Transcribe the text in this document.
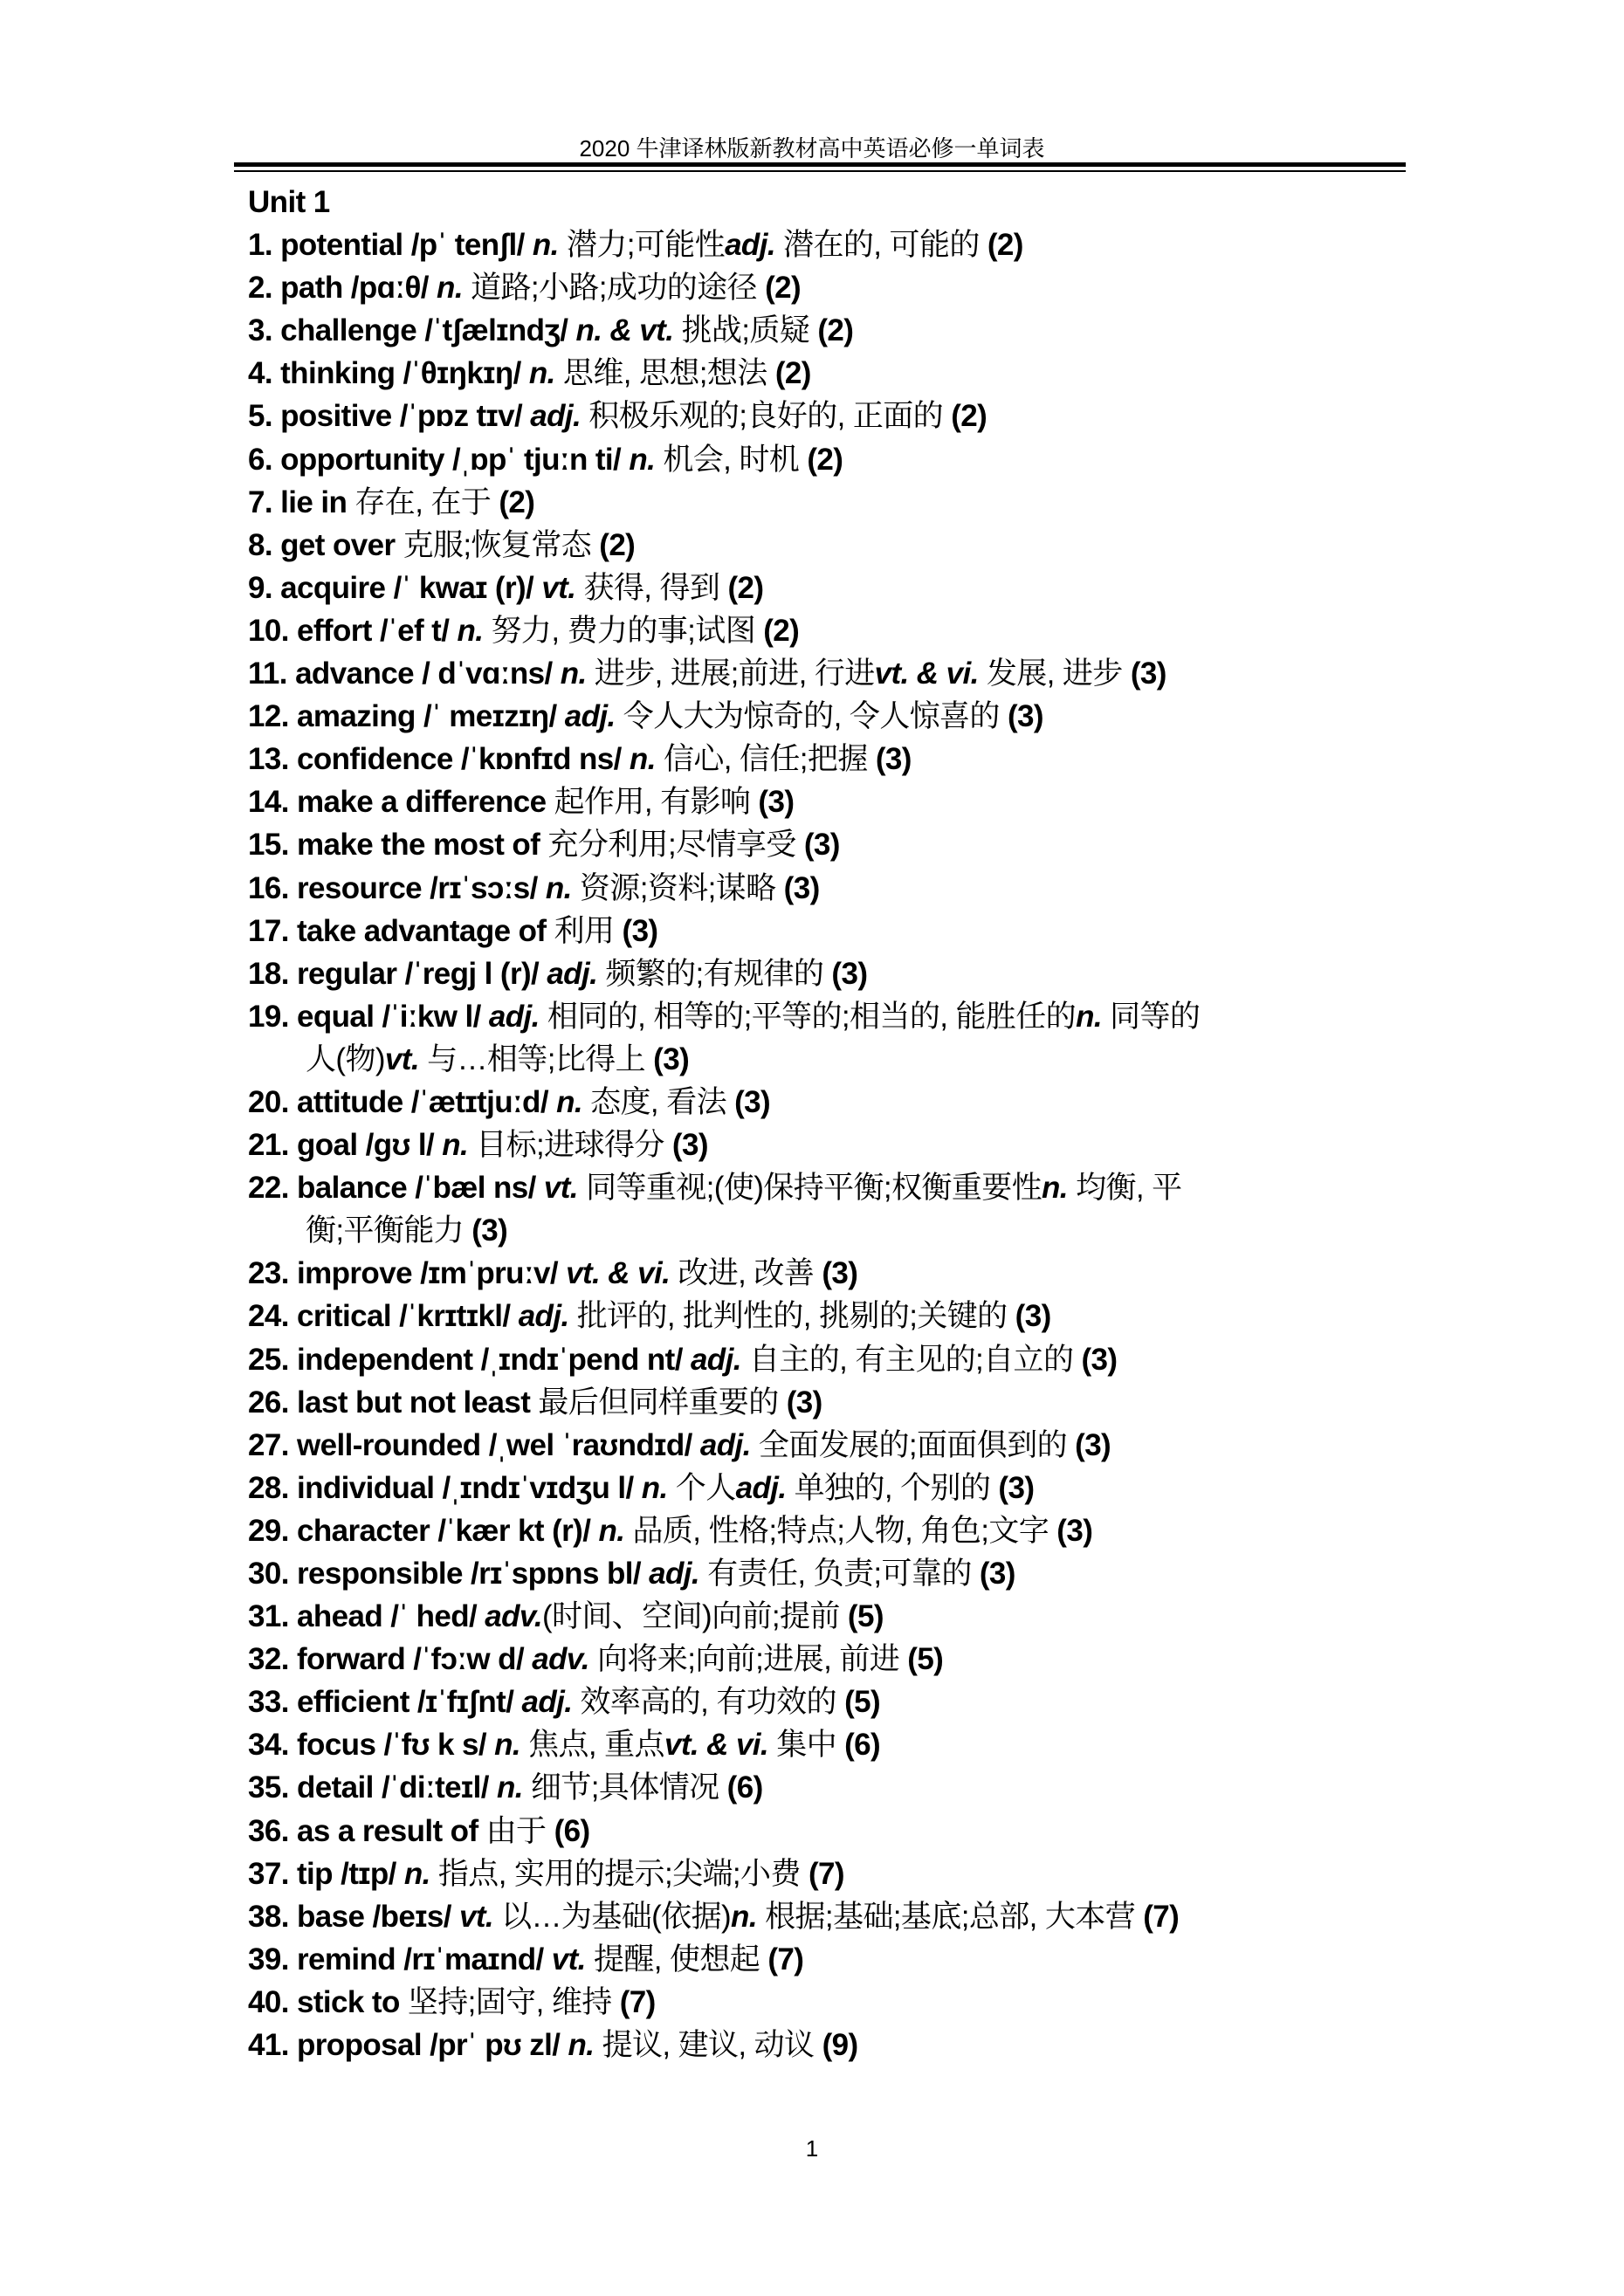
2020 牛津译林版新教材高中英语必修一单词表
Unit 1
1. potential /pˈ tenʃl/ n. 潜力;可能性adj. 潜在的, 可能的 (2)
2. path /pɑːθ/ n. 道路;小路;成功的途径 (2)
3. challenge /ˈtʃælɪndʒ/ n. & vt. 挑战;质疑 (2)
4. thinking /ˈθɪŋkɪŋ/ n. 思维, 思想;想法 (2)
5. positive /ˈpɒz tɪv/ adj. 积极乐观的;良好的, 正面的 (2)
6. opportunity /ˌɒpˈ tjuːn ti/ n. 机会, 时机 (2)
7. lie in 存在, 在于 (2)
8. get over 克服;恢复常态 (2)
9. acquire /ˈ kwaɪ (r)/ vt. 获得, 得到 (2)
10. effort /ˈef t/ n. 努力, 费力的事;试图 (2)
11. advance / dˈvɑːns/ n. 进步, 进展;前进, 行进vt. & vi. 发展, 进步 (3)
12. amazing /ˈ meɪzɪŋ/ adj. 令人大为惊奇的, 令人惊喜的 (3)
13. confidence /ˈkɒnfɪd ns/ n. 信心, 信任;把握 (3)
14. make a difference 起作用, 有影响 (3)
15. make the most of 充分利用;尽情享受 (3)
16. resource /rɪˈsɔːs/ n. 资源;资料;谋略 (3)
17. take advantage of 利用 (3)
18. regular /ˈregj l (r)/ adj. 频繁的;有规律的 (3)
19. equal /ˈiːkw l/ adj. 相同的, 相等的;平等的;相当的, 能胜任的n. 同等的
人(物)vt. 与…相等;比得上 (3)
20. attitude /ˈætɪtjuːd/ n. 态度, 看法 (3)
21. goal /gʊ l/ n. 目标;进球得分 (3)
22. balance /ˈbæl ns/ vt. 同等重视;(使)保持平衡;权衡重要性n. 均衡, 平
衡;平衡能力 (3)
23. improve /ɪmˈpruːv/ vt. & vi. 改进, 改善 (3)
24. critical /ˈkrɪtɪkl/ adj. 批评的, 批判性的, 挑剔的;关键的 (3)
25. independent /ˌɪndɪˈpend nt/ adj. 自主的, 有主见的;自立的 (3)
26. last but not least 最后但同样重要的 (3)
27. well-rounded /ˌwel ˈraʊndɪd/ adj. 全面发展的;面面俱到的 (3)
28. individual /ˌɪndɪˈvɪdʒu l/ n. 个人adj. 单独的, 个别的 (3)
29. character /ˈkær kt (r)/ n. 品质, 性格;特点;人物, 角色;文字 (3)
30. responsible /rɪˈspɒns bl/ adj. 有责任, 负责;可靠的 (3)
31. ahead /ˈ hed/ adv.(时间、空间)向前;提前 (5)
32. forward /ˈfɔːw d/ adv. 向将来;向前;进展, 前进 (5)
33. efficient /ɪˈfɪʃnt/ adj. 效率高的, 有功效的 (5)
34. focus /ˈfʊ k s/ n. 焦点, 重点vt. & vi. 集中 (6)
35. detail /ˈdiːteɪl/ n. 细节;具体情况 (6)
36. as a result of 由于 (6)
37. tip /tɪp/ n. 指点, 实用的提示;尖端;小费 (7)
38. base /beɪs/ vt. 以…为基础(依据)n. 根据;基础;基底;总部, 大本营 (7)
39. remind /rɪˈmaɪnd/ vt. 提醒, 使想起 (7)
40. stick to 坚持;固守, 维持 (7)
41. proposal /prˈ pʊ zl/ n. 提议, 建议, 动议 (9)
1
